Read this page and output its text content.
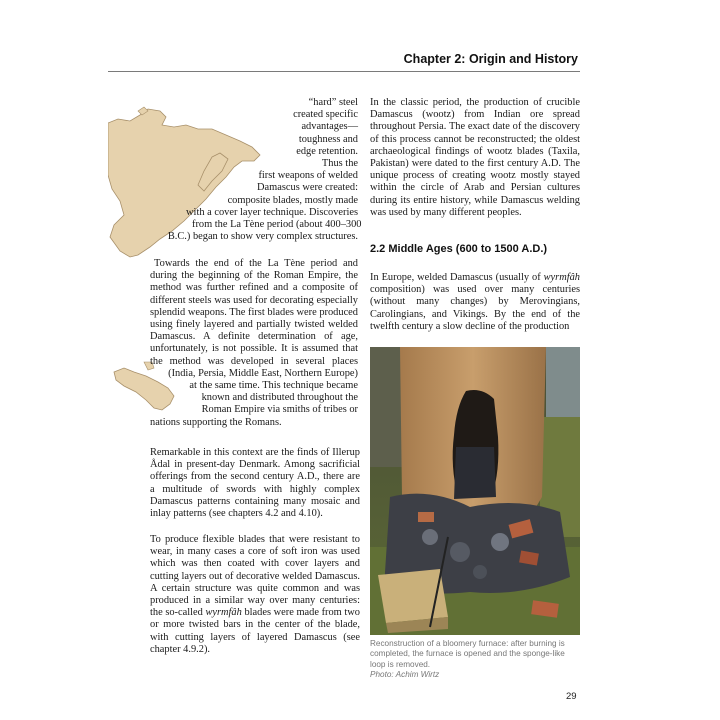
Chapter 2: Origin and History
“hard” steel
created specific
advantages—
toughness and
edge retention.
Thus the
first weapons of welded
Damascus were created:
composite blades, mostly made
with a cover layer technique. Discoveries
from the La Tène period (about 400–300
B.C.) began to show very complex structures.
Towards the end of the La Tène period and
during the beginning of the Roman Empire, the
method was further refined and a composite of
different steels was used for decorating especially
splendid weapons. The first blades were produced
using finely layered and partially twisted welded
Damascus. A definite determination of age,
unfortunately, is not possible. It is assumed that
the method was developed in several places
(India, Persia, Middle East, Northern Europe)
at the same time. This technique became
known and distributed throughout the
Roman Empire via smiths of tribes or
nations supporting the Romans.

Remarkable in this context are the finds of Illerup Ådal in present-day Denmark. Among sacrificial offerings from the second century A.D., there are a multitude of swords with highly complex Damascus patterns containing many mosaic and inlay patterns (see chapters 4.2 and 4.10).

To produce flexible blades that were resistant to wear, in many cases a core of soft iron was used which was then coated with cover layers and cutting layers out of decorative welded Damascus. A certain structure was quite common and was produced in a similar way over many centuries: the so-called wyrmfâh blades were made from two or more twisted bars in the center of the blade, with cutting layers of layered Damascus (see chapter 4.9.2).

In the classic period, the production of crucible Damascus (wootz) from Indian ore spread throughout Persia. The exact date of the discovery of this process cannot be reconstructed; the oldest archaeological findings of wootz blades (Taxila, Pakistan) were dated to the first century A.D. The unique process of creating wootz mostly stayed within the circle of Arab and Persian cultures during its entire history, while Damascus welding was used by many different peoples.

2.2 Middle Ages (600 to 1500 A.D.)

In Europe, welded Damascus (usually of wyrmfâh composition) was used over many centuries (without many changes) by Merovingians, Carolingians, and Vikings. By the end of the twelfth century a slow decline of the production

Reconstruction of a bloomery furnace: after burning is completed, the furnace is opened and the sponge-like loop is removed.
Photo: Achim Wirtz

29
